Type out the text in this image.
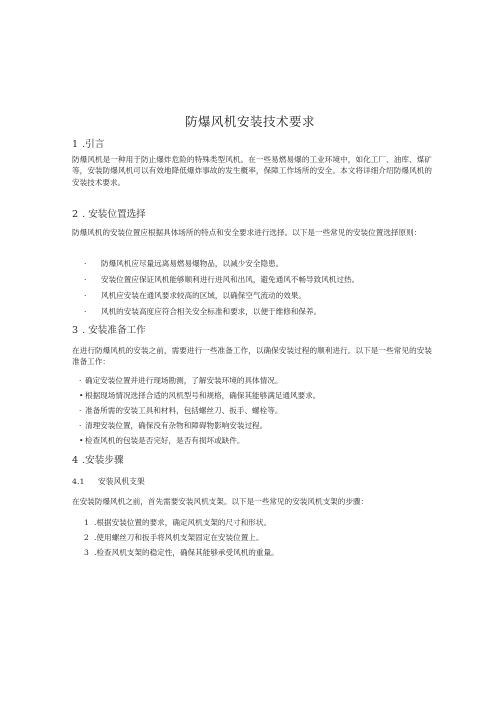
防爆风机安装技术要求
1 .引言
防爆风机是一种用于防止爆炸危险的特殊类型风机。在一些易燃易爆的工业环境中，如化工厂、油库、煤矿等，安装防爆风机可以有效地降低爆炸事故的发生概率，保障工作场所的安全。本文将详细介绍防爆风机的安装技术要求。
2 . 安装位置选择
防爆风机的安装位置应根据具体场所的特点和安全要求进行选择。以下是一些常见的安装位置选择原则：
· 防爆风机应尽量远离易燃易爆物品，以减少安全隐患。
· 安装位置应保证风机能够顺利进行进风和出风，避免通风不畅导致风机过热。
· 风机应安装在通风要求较高的区域，以确保空气流动的效果。
· 风机的安装高度应符合相关安全标准和要求，以便于维修和保养。
3 . 安装准备工作
在进行防爆风机的安装之前，需要进行一些准备工作，以确保安装过程的顺利进行。以下是一些常见的安装准备工作：
· 确定安装位置并进行现场勘测，了解安装环境的具体情况。
• 根据现场情况选择合适的风机型号和规格，确保其能够满足通风要求。
· 准备所需的安装工具和材料，包括螺丝刀、扳手、螺栓等。
· 清理安装位置，确保没有杂物和障碍物影响安装过程。
• 检查风机的包装是否完好，是否有损坏或缺件。
4 .安装步骤
4.1 安装风机支架
在安装防爆风机之前，首先需要安装风机支架。以下是一些常见的安装风机支架的步骤：
1 .根据安装位置的要求，确定风机支架的尺寸和形状。
2 .使用螺丝刀和扳手将风机支架固定在安装位置上。
3 .检查风机支架的稳定性，确保其能够承受风机的重量。
